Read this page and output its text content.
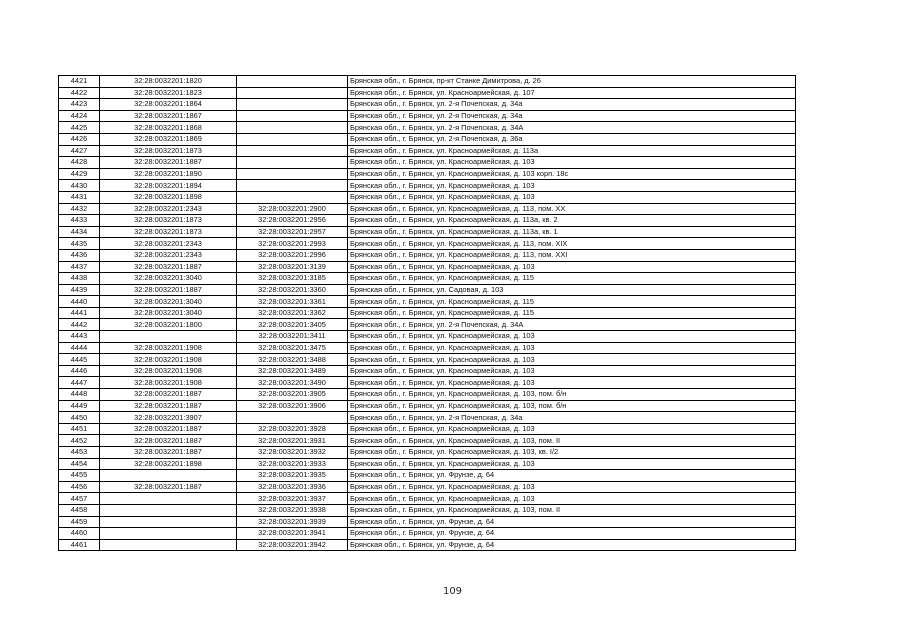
4421	32:28:0032201:1820		Брянская обл., г. Брянск, пр-кт Станке Димитрова, д. 26
4422	32:28:0032201:1823		Брянская обл., г. Брянск, ул. Красноармейская, д. 107
4423	32:28:0032201:1864		Брянская обл., г. Брянск, ул. 2-я Почепская, д. 34а
4424	32:28:0032201:1867		Брянская обл., г. Брянск, ул. 2-я Почепская, д. 34а
4425	32:28:0032201:1868		Брянская обл., г. Брянск, ул. 2-я Почепская, д. 34А
4426	32:28:0032201:1869		Брянская обл., г. Брянск, ул. 2-я Почепская, д. 36а
4427	32:28:0032201:1873		Брянская обл., г. Брянск, ул. Красноармейская, д. 113а
4428	32:28:0032201:1887		Брянская обл., г. Брянск, ул. Красноармейская, д. 103
4429	32:28:0032201:1890		Брянская обл., г. Брянск, ул. Красноармейская, д. 103 корп. 18с
4430	32:28:0032201:1894		Брянская обл., г. Брянск, ул. Красноармейская, д. 103
4431	32:28:0032201:1898		Брянская обл., г. Брянск, ул. Красноармейская, д. 103
4432	32:28:0032201:2343	32:28:0032201:2900	Брянская обл., г. Брянск, ул. Красноармейская, д. 113, пом. XX
4433	32:28:0032201:1873	32:28:0032201:2956	Брянская обл., г. Брянск, ул. Красноармейская, д. 113а, кв. 2
4434	32:28:0032201:1873	32:28:0032201:2957	Брянская обл., г. Брянск, ул. Красноармейская, д. 113а, кв. 1
4435	32:28:0032201:2343	32:28:0032201:2993	Брянская обл., г. Брянск, ул. Красноармейская, д. 113, пом. XIX
4436	32:28:0032201:2343	32:28:0032201:2996	Брянская обл., г. Брянск, ул. Красноармейская, д. 113, пом. XXI
4437	32:28:0032201:1887	32:28:0032201:3139	Брянская обл., г. Брянск, ул. Красноармейская, д. 103
4438	32:28:0032201:3040	32:28:0032201:3185	Брянская обл., г. Брянск, ул. Красноармейская, д. 115
4439	32:28:0032201:1887	32:28:0032201:3360	Брянская обл., г. Брянск, ул. Садовая, д. 103
4440	32:28:0032201:3040	32:28:0032201:3361	Брянская обл., г. Брянск, ул. Красноармейская, д. 115
4441	32:28:0032201:3040	32:28:0032201:3362	Брянская обл., г. Брянск, ул. Красноармейская, д. 115
4442	32:28:0032201:1800	32:28:0032201:3405	Брянская обл., г. Брянск, ул. 2-я Почепская, д. 34А
4443		32:28:0032201:3411	Брянская обл., г. Брянск, ул. Красноармейская, д. 103
4444	32:28:0032201:1908	32:28:0032201:3475	Брянская обл., г. Брянск, ул. Красноармейская, д. 103
4445	32:28:0032201:1908	32:28:0032201:3488	Брянская обл., г. Брянск, ул. Красноармейская, д. 103
4446	32:28:0032201:1908	32:28:0032201:3489	Брянская обл., г. Брянск, ул. Красноармейская, д. 103
4447	32:28:0032201:1908	32:28:0032201:3490	Брянская обл., г. Брянск, ул. Красноармейская, д. 103
4448	32:28:0032201:1887	32:28:0032201:3905	Брянская обл., г. Брянск, ул. Красноармейская, д. 103, пом. б/н
4449	32:28:0032201:1887	32:28:0032201:3906	Брянская обл., г. Брянск, ул. Красноармейская, д. 103, пом. б/н
4450	32:28:0032201:3907		Брянская обл., г. Брянск, ул. 2-я Почепская, д. 34а
4451	32:28:0032201:1887	32:28:0032201:3928	Брянская обл., г. Брянск, ул. Красноармейская, д. 103
4452	32:28:0032201:1887	32:28:0032201:3931	Брянская обл., г. Брянск, ул. Красноармейская, д. 103, пом. II
4453	32:28:0032201:1887	32:28:0032201:3932	Брянская обл., г. Брянск, ул. Красноармейская, д. 103, кв. I/2
4454	32:28:0032201:1898	32:28:0032201:3933	Брянская обл., г. Брянск, ул. Красноармейская, д. 103
4455		32:28:0032201:3935	Брянская обл., г. Брянск, ул. Фрунзе, д. 64
4456	32:28:0032201:1887	32:28:0032201:3936	Брянская обл., г. Брянск, ул. Красноармейская, д. 103
4457		32:28:0032201:3937	Брянская обл., г. Брянск, ул. Красноармейская, д. 103
4458		32:28:0032201:3938	Брянская обл., г. Брянск, ул. Красноармейская, д. 103, пом. II
4459		32:28:0032201:3939	Брянская обл., г. Брянск, ул. Фрунзе, д. 64
4460		32:28:0032201:3941	Брянская обл., г. Брянск, ул. Фрунзе, д. 64
4461		32:28:0032201:3942	Брянская обл., г. Брянск, ул. Фрунзе, д. 64
109
